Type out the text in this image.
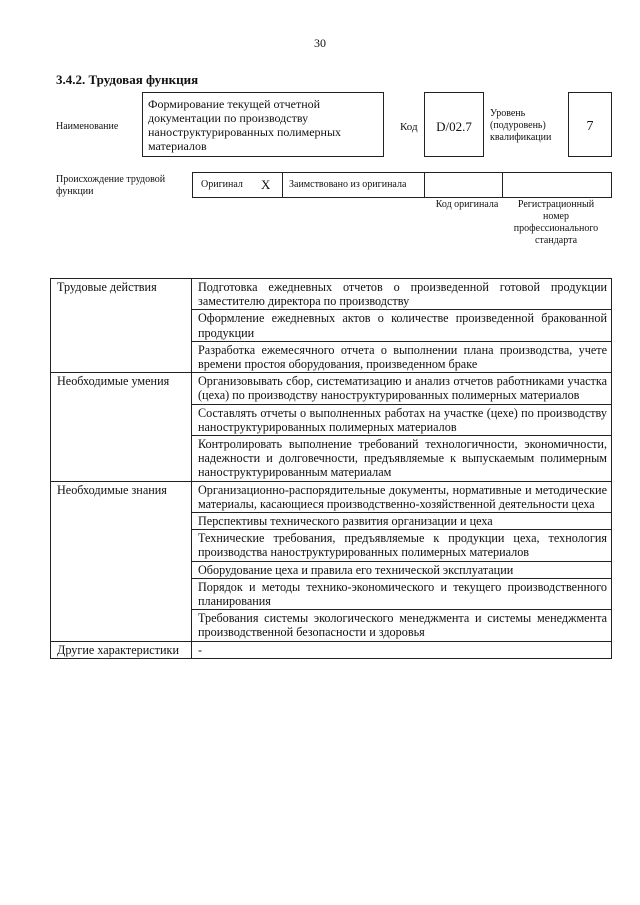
30
3.4.2. Трудовая функция
Наименование
Формирование текущей отчетной документации по производству наноструктурированных полимерных материалов
Код	D/02.7
Уровень (подуровень) квалификации
7
Происхождение трудовой функции
Оригинал X	Заимствовано из оригинала
Код оригинала	Регистрационный номер профессионального стандарта
Трудовые действия	Подготовка ежедневных отчетов о произведенной готовой продукции заместителю директора по производству
	Оформление ежедневных актов о количестве произведенной бракованной продукции
	Разработка ежемесячного отчета о выполнении плана производства, учете времени простоя оборудования, произведенном браке
Необходимые умения	Организовывать сбор, систематизацию и анализ отчетов работниками участка (цеха) по производству наноструктурированных полимерных материалов
	Составлять отчеты о выполненных работах на участке (цехе) по производству наноструктурированных полимерных материалов
	Контролировать выполнение требований технологичности, экономичности, надежности и долговечности, предъявляемые к выпускаемым полимерным наноструктурированным материалам
Необходимые знания	Организационно-распорядительные документы, нормативные и методические материалы, касающиеся производственно-хозяйственной деятельности цеха
	Перспективы технического развития организации и цеха
	Технические требования, предъявляемые к продукции цеха, технология производства наноструктурированных полимерных материалов
	Оборудование цеха и правила его технической эксплуатации
	Порядок и методы технико-экономического и текущего производственного планирования
	Требования системы экологического менеджмента и системы менеджмента производственной безопасности и здоровья
Другие характеристики	-
